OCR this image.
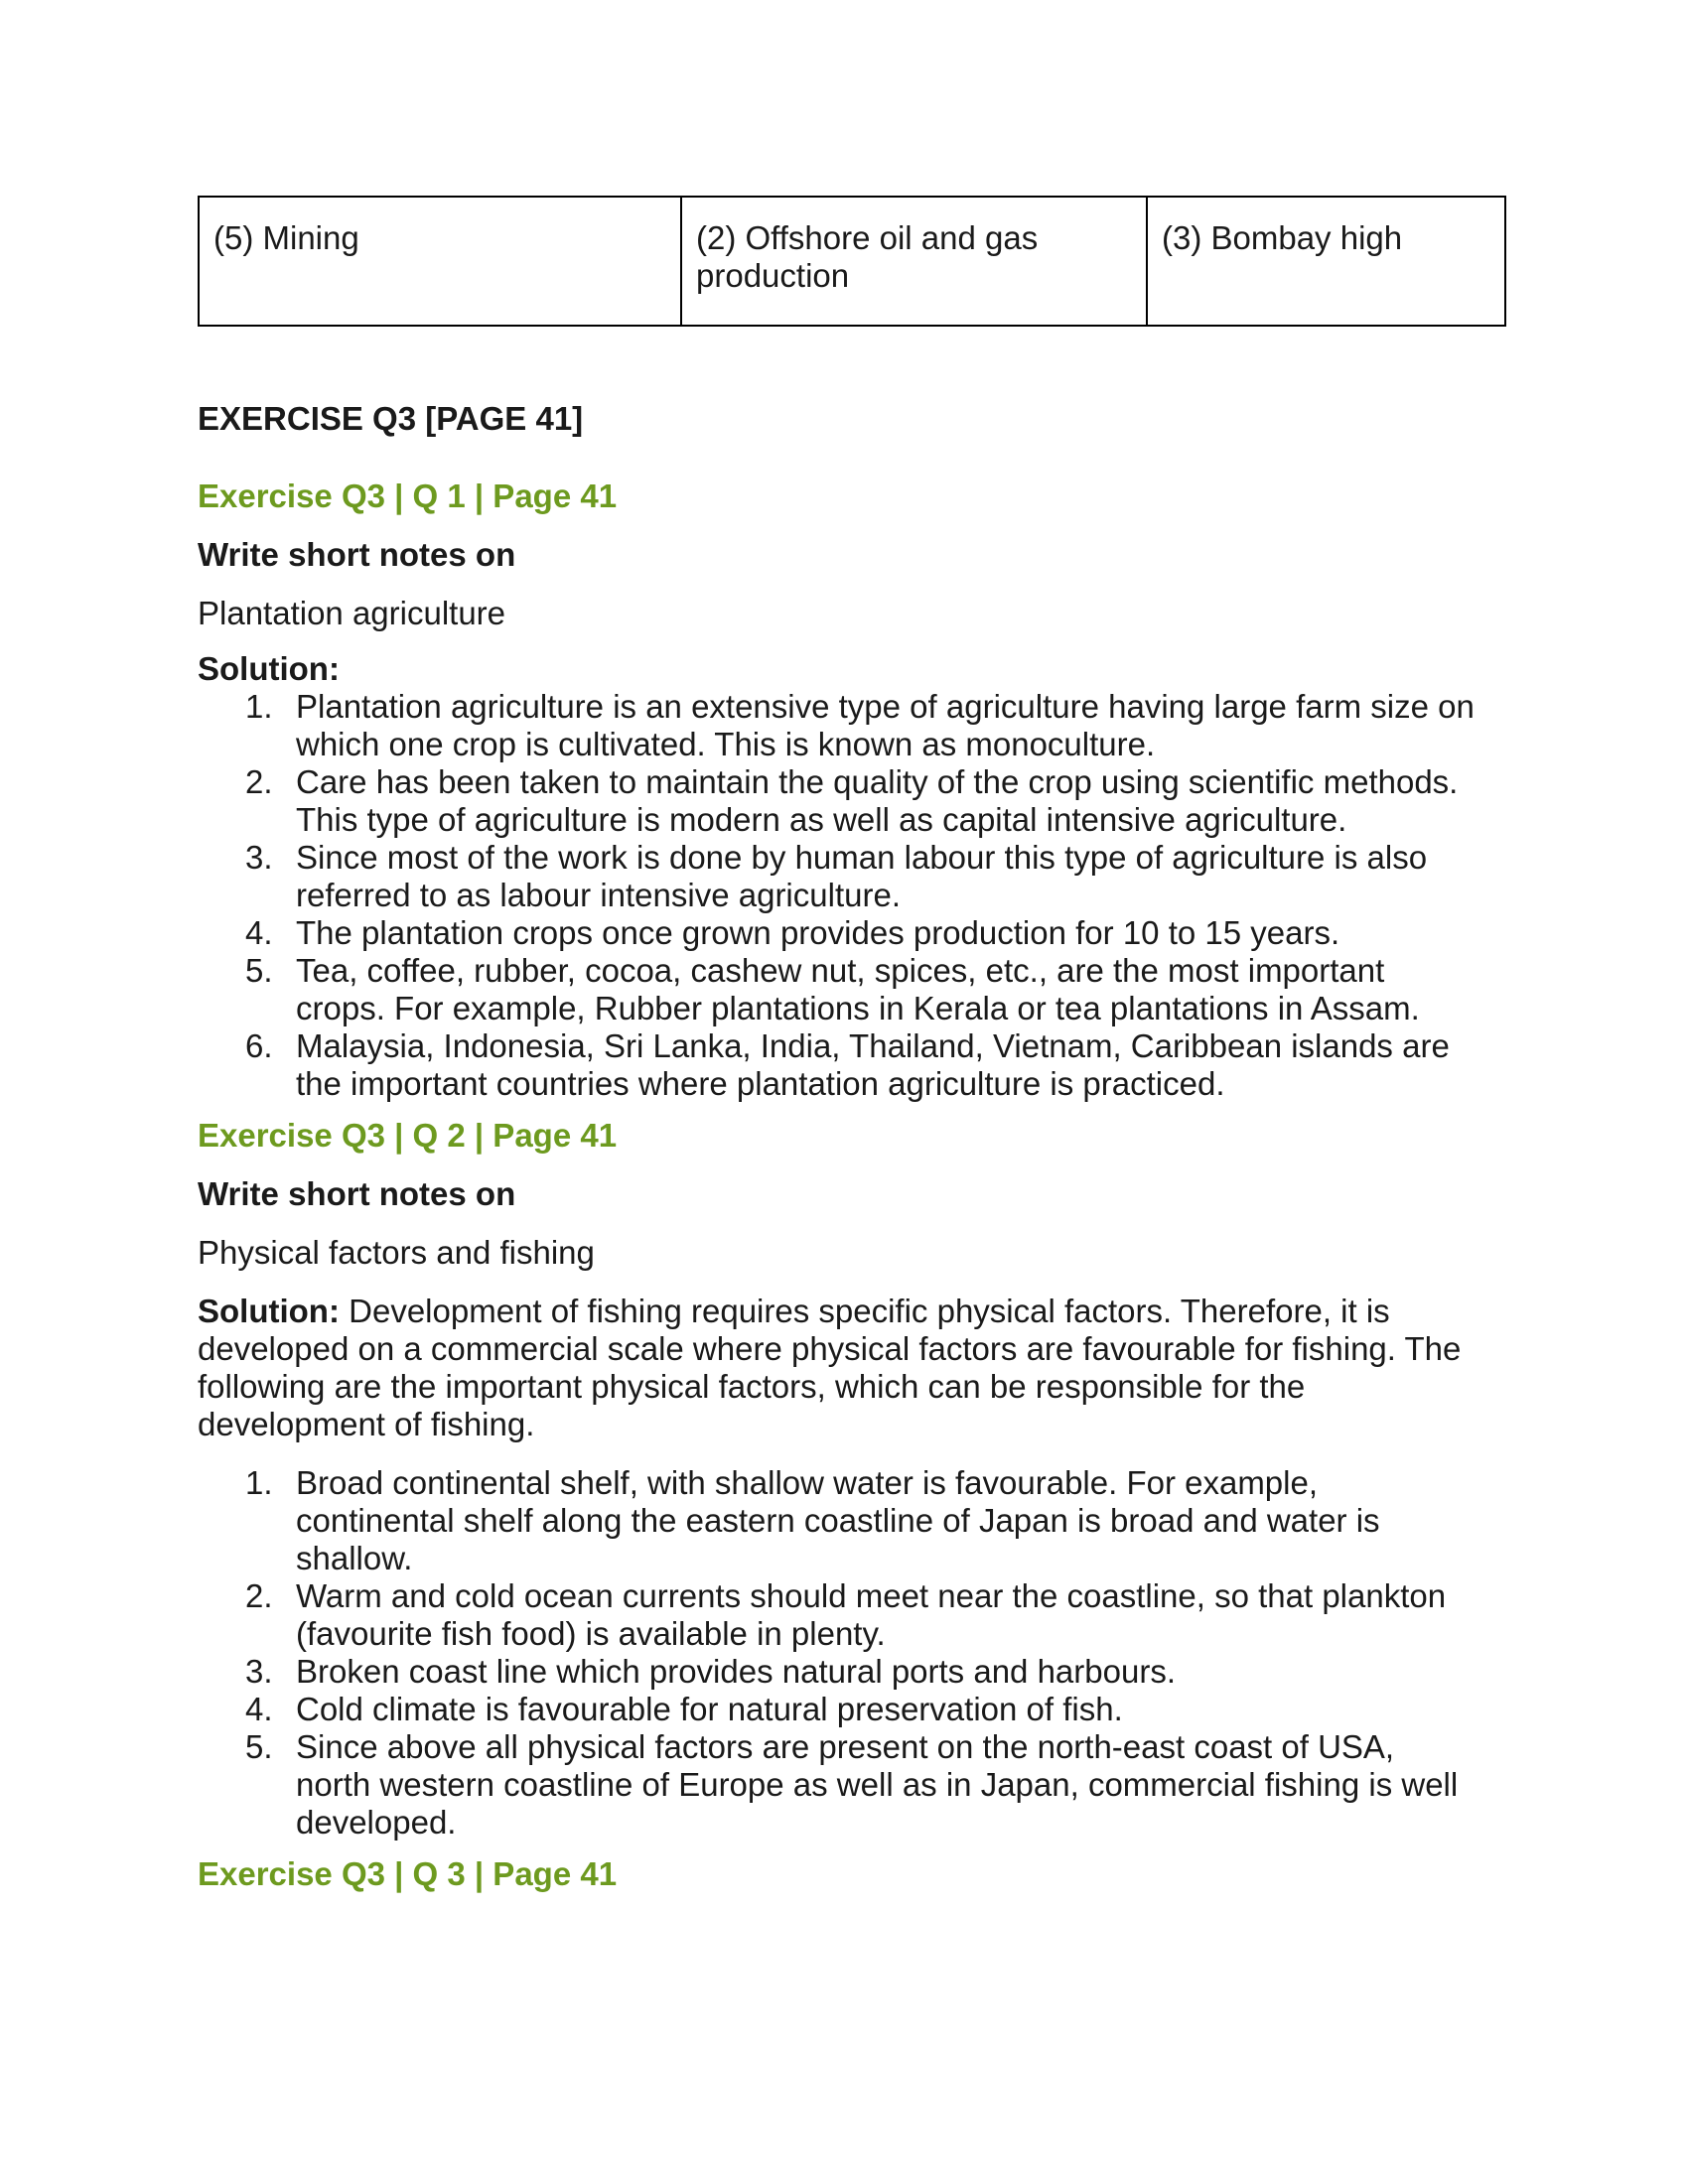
(5) Mining	(2) Offshore oil and gas production	(3) Bombay high
EXERCISE Q3 [PAGE 41]
Exercise Q3 | Q 1 | Page 41
Write short notes on
Plantation agriculture
Solution:
1. Plantation agriculture is an extensive type of agriculture having large farm size on
which one crop is cultivated. This is known as monoculture.
2. Care has been taken to maintain the quality of the crop using scientific methods.
This type of agriculture is modern as well as capital intensive agriculture.
3. Since most of the work is done by human labour this type of agriculture is also
referred to as labour intensive agriculture.
4. The plantation crops once grown provides production for 10 to 15 years.
5. Tea, coffee, rubber, cocoa, cashew nut, spices, etc., are the most important
crops. For example, Rubber plantations in Kerala or tea plantations in Assam.
6. Malaysia, Indonesia, Sri Lanka, India, Thailand, Vietnam, Caribbean islands are
the important countries where plantation agriculture is practiced.
Exercise Q3 | Q 2 | Page 41
Write short notes on
Physical factors and fishing
Solution: Development of fishing requires specific physical factors. Therefore, it is
developed on a commercial scale where physical factors are favourable for fishing. The
following are the important physical factors, which can be responsible for the
development of fishing.
1. Broad continental shelf, with shallow water is favourable. For example,
continental shelf along the eastern coastline of Japan is broad and water is
shallow.
2. Warm and cold ocean currents should meet near the coastline, so that plankton
(favourite fish food) is available in plenty.
3. Broken coast line which provides natural ports and harbours.
4. Cold climate is favourable for natural preservation of fish.
5. Since above all physical factors are present on the north-east coast of USA,
north western coastline of Europe as well as in Japan, commercial fishing is well
developed.
Exercise Q3 | Q 3 | Page 41
